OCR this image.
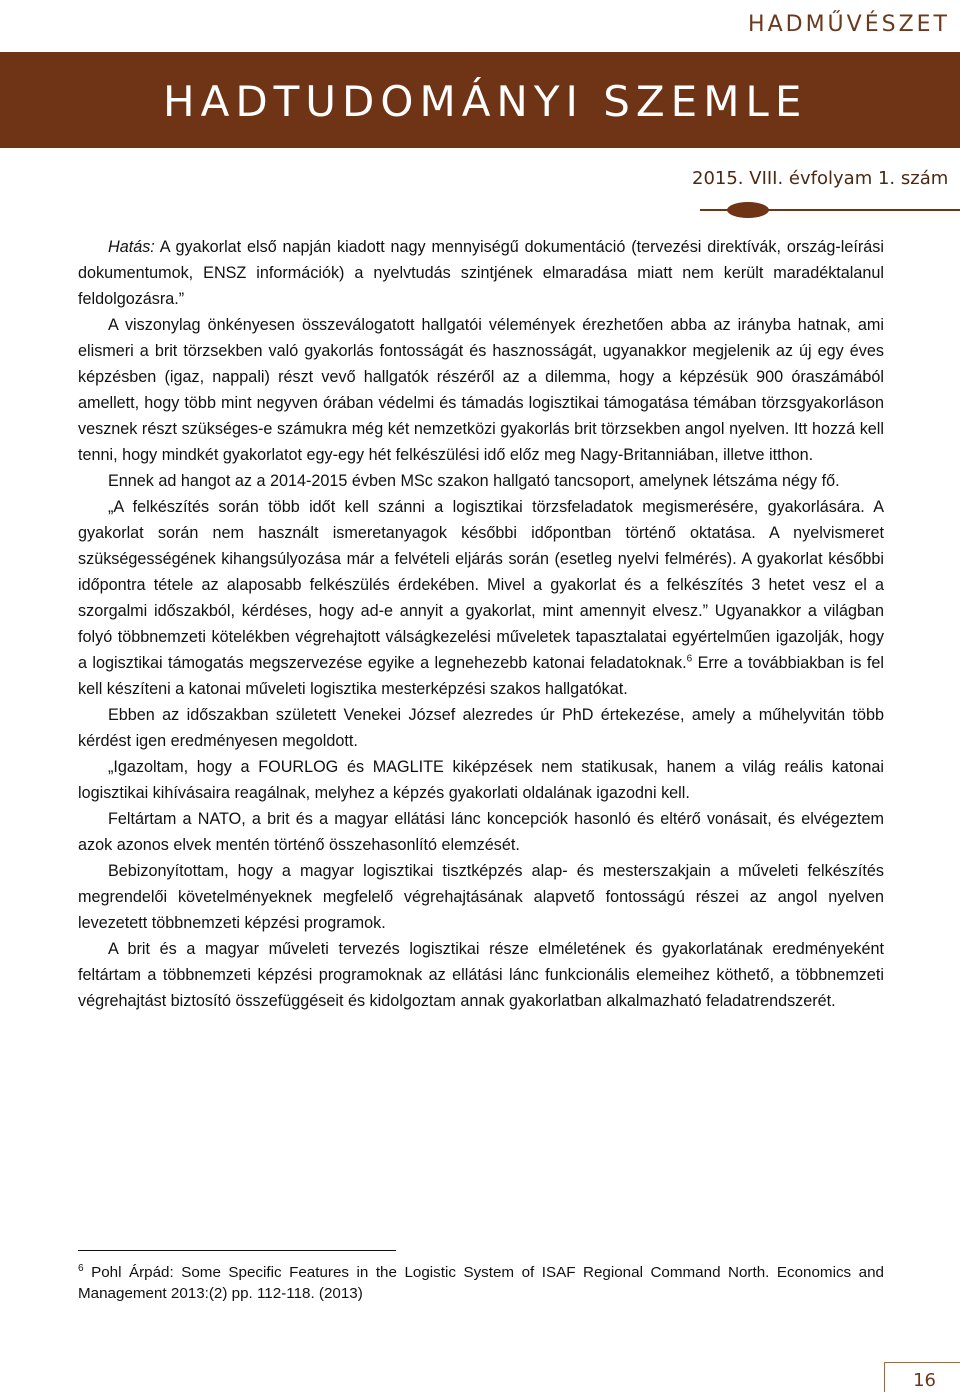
HADMŰVÉSZET
HADTUDOMÁNYI SZEMLE
2015. VIII. évfolyam 1. szám

Hatás: A gyakorlat első napján kiadott nagy mennyiségű dokumentáció (tervezési direktívák, ország-leírási dokumentumok, ENSZ információk) a nyelvtudás szintjének elmaradása miatt nem került maradéktalanul feldolgozásra.”

A viszonylag önkényesen összeválogatott hallgatói vélemények érezhetően abba az irányba hatnak, ami elismeri a brit törzsekben való gyakorlás fontosságát és hasznosságát, ugyanakkor megjelenik az új egy éves képzésben (igaz, nappali) részt vevő hallgatók részéről az a dilemma, hogy a képzésük 900 óraszámából amellett, hogy több mint negyven órában védelmi és támadás logisztikai támogatása témában törzsgyakorláson vesznek részt szükséges-e számukra még két nemzetközi gyakorlás brit törzsekben angol nyelven. Itt hozzá kell tenni, hogy mindkét gyakorlatot egy-egy hét felkészülési idő előz meg Nagy-Britanniában, illetve itthon.

Ennek ad hangot az a 2014-2015 évben MSc szakon hallgató tancsoport, amelynek létszáma négy fő.

„A felkészítés során több időt kell szánni a logisztikai törzsfeladatok megismerésére, gyakorlására. A gyakorlat során nem használt ismeretanyagok későbbi időpontban történő oktatása. A nyelvismeret szükségességének kihangsúlyozása már a felvételi eljárás során (esetleg nyelvi felmérés). A gyakorlat későbbi időpontra tétele az alaposabb felkészülés érdekében. Mivel a gyakorlat és a felkészítés 3 hetet vesz el a szorgalmi időszakból, kérdéses, hogy ad-e annyit a gyakorlat, mint amennyit elvesz.” Ugyanakkor a világban folyó többnemzeti kötelékben végrehajtott válságkezelési műveletek tapasztalatai egyértelműen igazolják, hogy a logisztikai támogatás megszervezése egyike a legnehezebb katonai feladatoknak.$^6$ Erre a továbbiakban is fel kell készíteni a katonai műveleti logisztika mesterképzési szakos hallgatókat.

Ebben az időszakban született Venekei József alezredes úr PhD értekezése, amely a műhelyvitán több kérdést igen eredményesen megoldott.

„Igazoltam, hogy a FOURLOG és MAGLITE kiképzések nem statikusak, hanem a világ reális katonai logisztikai kihívásaira reagálnak, melyhez a képzés gyakorlati oldalának igazodni kell.

Feltártam a NATO, a brit és a magyar ellátási lánc koncepciók hasonló és eltérő vonásait, és elvégeztem azok azonos elvek mentén történő összehasonlító elemzését.

Bebizonyítottam, hogy a magyar logisztikai tisztképzés alap- és mesterszakjain a műveleti felkészítés megrendelői követelményeknek megfelelő végrehajtásának alapvető fontosságú részei az angol nyelven levezetett többnemzeti képzési programok.

A brit és a magyar műveleti tervezés logisztikai része elméletének és gyakorlatának eredményeként feltártam a többnemzeti képzési programoknak az ellátási lánc funkcionális elemeihez köthető, a többnemzeti végrehajtást biztosító összefüggéseit és kidolgoztam annak gyakorlatban alkalmazható feladatrendszerét.

$^6$ Pohl Árpád: Some Specific Features in the Logistic System of ISAF Regional Command North. Economics and Management 2013:(2) pp. 112-118. (2013)
16
